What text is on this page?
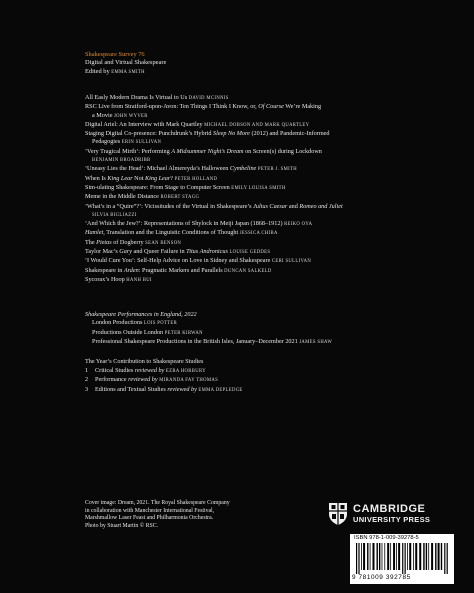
Shakespeare Survey 76
Digital and Virtual Shakespeare
Edited by EMMA SMITH
All Easly Modern Drama Is Virtual to Us DAVID MCINNIS
RSC Live from Stratford-upon-Avon: Ten Things I Think I Know, or, Of Course We’re Making
a Movie JOHN WYVER
Digital Ariel: An Interview with Mark Quartley MICHAEL DOBSON AND MARK QUARTLEY
Staging Digital Co-presence: Punchdrunk’s Hybrid Sleep No More (2012) and Pandemic-Informed
Pedagogies ERIN SULLIVAN
‘Very Tragical Mirth’: Performing A Midsummer Night’s Dream on Screen(s) during Lockdown
BENJAMIN BROADRIBB
‘Uneasy Lies the Head’: Michael Almereyda’s Halloween Cymbeline PETER J. SMITH
When Is King Lear Not King Lear? PETER HOLLAND
Sim-ulating Shakespeare: From Stage to Computer Screen EMILY LOUISA SMITH
Meme in the Middle Distance ROBERT STAGG
‘What’s in a “Quire”?’: Vicissitudes of the Virtual in Shakespeare’s Julius Caesar and Romeo and Juliet
SILVIA BIGLIAZZI
‘And Which the Jew?’: Representations of Shylock in Meiji Japan (1868–1912) REIKO OYA
Hamlet, Translation and the Linguistic Conditions of Thought JESSICA CHIBA
The Pietas of Dogberry SEAN BENSON
Taylor Mac’s Gary and Queer Failure in Titus Andronicus LOUISE GEDDES
‘I Would Cure You’: Self-Help Advice on Love in Sidney and Shakespeare CERI SULLIVAN
Shakespeare in Arden: Pragmatic Markers and Parallels DUNCAN SALKELD
Sycorax’s Hoop HANH BUI
Shakespeare Performances in England, 2022
London Productions LOIS POTTER
Productions Outside London PETER KIRWAN
Professional Shakespeare Productions in the British Isles, January–December 2021 JAMES SHAW
The Year’s Contribution to Shakespeare Studies
1 Critical Studies reviewed by EZRA HORBURY
2 Performance reviewed by MIRANDA FAY THOMAS
3 Editions and Textual Studies reviewed by EMMA DEPLEDGE
Cover image: Dream, 2021. The Royal Shakespeare Company
in collaboration with Manchester International Festival,
Marshmallow Laser Feast and Philharmonia Orchestra.
Photo by Stuart Martin © RSC.
CAMBRIDGE
UNIVERSITY PRESS
ISBN 978-1-009-39278-5
9 781009 392785
